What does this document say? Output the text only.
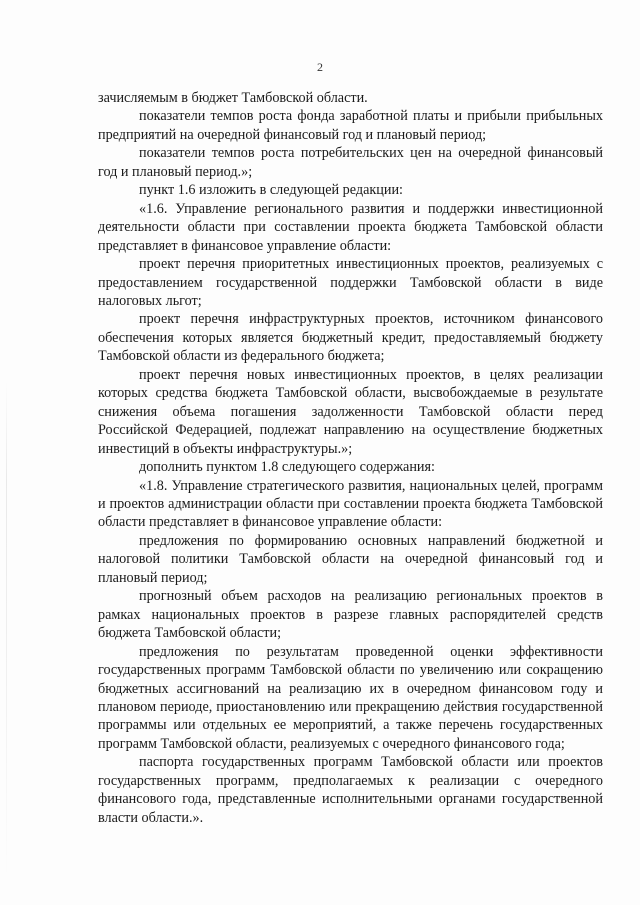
2

зачисляемым в бюджет Тамбовской области.

показатели темпов роста фонда заработной платы и прибыли прибыльных предприятий на очередной финансовый год и плановый период;

показатели темпов роста потребительских цен на очередной финансовый год и плановый период.»;

пункт 1.6 изложить в следующей редакции:

«1.6. Управление регионального развития и поддержки инвестиционной деятельности области при составлении проекта бюджета Тамбовской области представляет в финансовое управление области:

проект перечня приоритетных инвестиционных проектов, реализуемых с предоставлением государственной поддержки Тамбовской области в виде налоговых льгот;

проект перечня инфраструктурных проектов, источником финансового обеспечения которых является бюджетный кредит, предоставляемый бюджету Тамбовской области из федерального бюджета;

проект перечня новых инвестиционных проектов, в целях реализации которых средства бюджета Тамбовской области, высвобождаемые в результате снижения объема погашения задолженности Тамбовской области перед Российской Федерацией, подлежат направлению на осуществление бюджетных инвестиций в объекты инфраструктуры.»;

дополнить пунктом 1.8 следующего содержания:

«1.8. Управление стратегического развития, национальных целей, программ и проектов администрации области при составлении проекта бюджета Тамбовской области представляет в финансовое управление области:

предложения по формированию основных направлений бюджетной и налоговой политики Тамбовской области на очередной финансовый год и плановый период;

прогнозный объем расходов на реализацию региональных проектов в рамках национальных проектов в разрезе главных распорядителей средств бюджета Тамбовской области;

предложения по результатам проведенной оценки эффективности государственных программ Тамбовской области по увеличению или сокращению бюджетных ассигнований на реализацию их в очередном финансовом году и плановом периоде, приостановлению или прекращению действия государственной программы или отдельных ее мероприятий, а также перечень государственных программ Тамбовской области, реализуемых с очередного финансового года;

паспорта государственных программ Тамбовской области или проектов государственных программ, предполагаемых к реализации с очередного финансового года, представленные исполнительными органами государственной власти области.».
